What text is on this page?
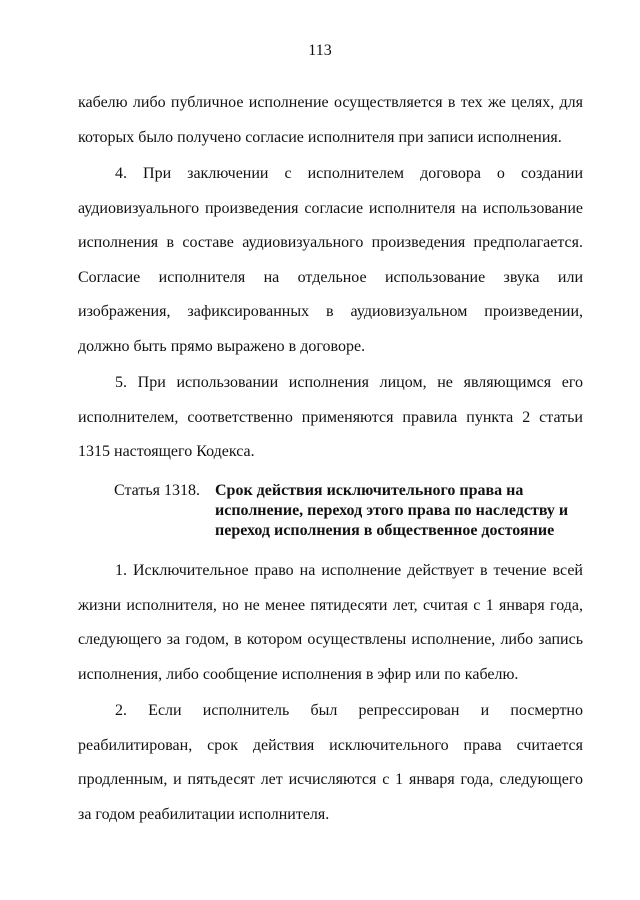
113

кабелю либо публичное исполнение осуществляется в тех же целях, для которых было получено согласие исполнителя при записи исполнения.

4. При заключении с исполнителем договора о создании аудиовизуального произведения согласие исполнителя на использование исполнения в составе аудиовизуального произведения предполагается. Согласие исполнителя на отдельное использование звука или изображения, зафиксированных в аудиовизуальном произведении, должно быть прямо выражено в договоре.

5. При использовании исполнения лицом, не являющимся его исполнителем, соответственно применяются правила пункта 2 статьи 1315 настоящего Кодекса.

Статья 1318. Срок действия исключительного права на
исполнение, переход этого права по наследству и
переход исполнения в общественное достояние

1. Исключительное право на исполнение действует в течение всей жизни исполнителя, но не менее пятидесяти лет, считая с 1 января года, следующего за годом, в котором осуществлены исполнение, либо запись исполнения, либо сообщение исполнения в эфир или по кабелю.

2. Если исполнитель был репрессирован и посмертно реабилитирован, срок действия исключительного права считается продленным, и пятьдесят лет исчисляются с 1 января года, следующего за годом реабилитации исполнителя.
